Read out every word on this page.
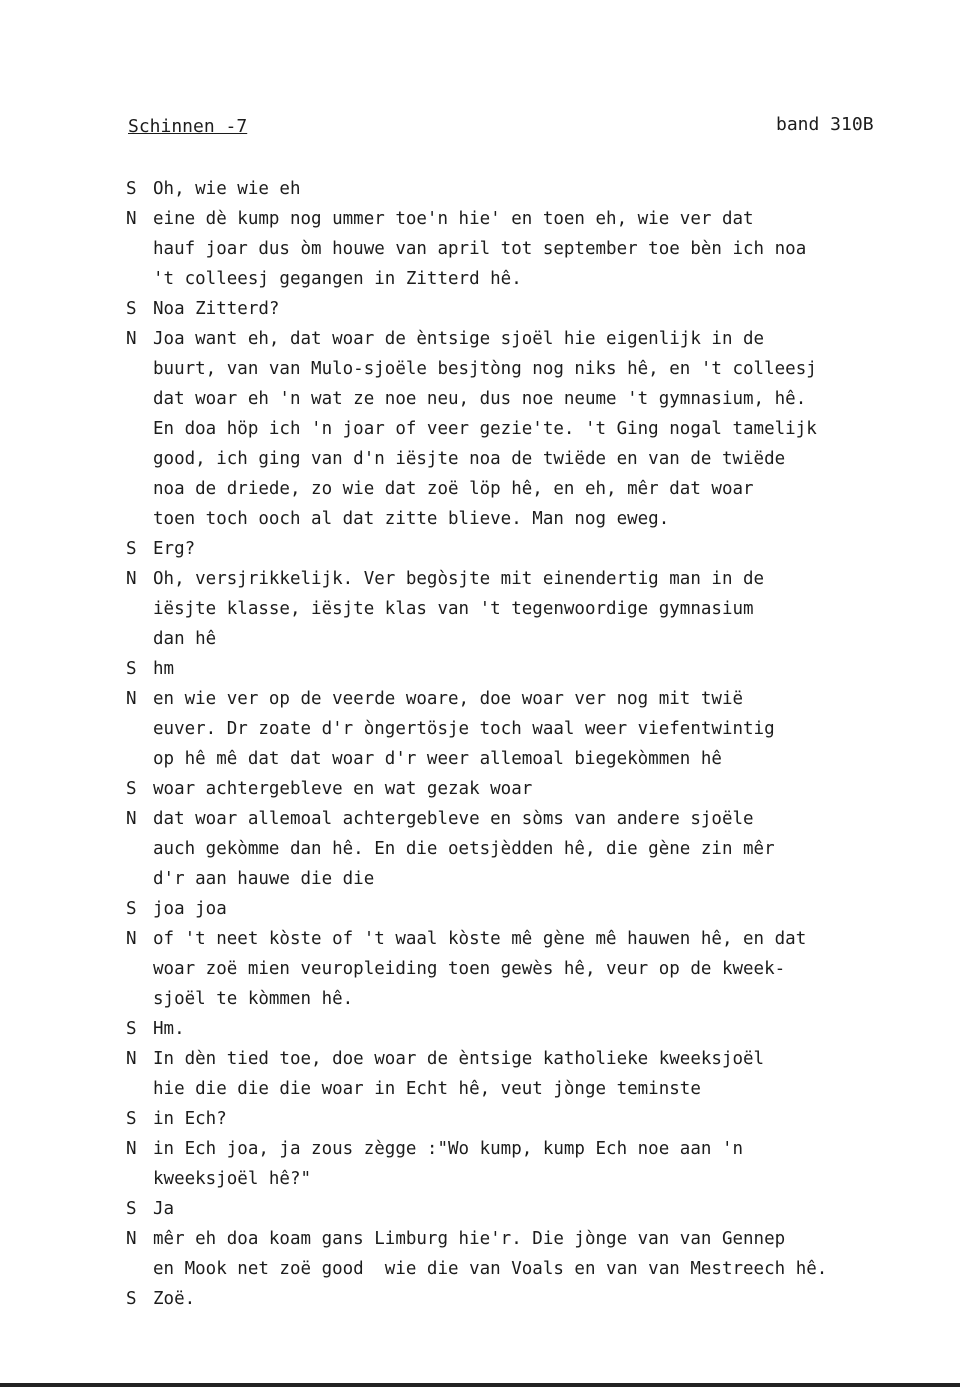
Schinnen -7	band 310B
S Oh, wie wie eh
N eine dè kump nog ummer toe'n hie' en toen eh, wie ver dat
hauf joar dus òm houwe van april tot september toe bèn ich noa
't colleesj gegangen in Zitterd hê.
S Noa Zitterd?
N Joa want eh, dat woar de èntsige sjoël hie eigenlijk in de
buurt, van van Mulo-sjoële besjtòng nog niks hê, en 't colleesj
dat woar eh 'n wat ze noe neu, dus noe neume 't gymnasium, hê.
En doa höp ich 'n joar of veer gezie'te. 't Ging nogal tamelijk
good, ich ging van d'n iësjte noa de twiëde en van de twiëde
noa de driede, zo wie dat zoë löp hê, en eh, mêr dat woar
toen toch ooch al dat zitte blieve. Man nog eweg.
S Erg?
N Oh, versjrikkelijk. Ver begòsjte mit einendertig man in de
iësjte klasse, iësjte klas van 't tegenwoordige gymnasium
dan hê
S hm
N en wie ver op de veerde woare, doe woar ver nog mit twië
euver. Dr zoate d'r òngertösje toch waal weer viefentwintig
op hê mê dat dat woar d'r weer allemoal biegekòmmen hê
S woar achtergebleve en wat gezak woar
N dat woar allemoal achtergebleve en sòms van andere sjoële
auch gekòmme dan hê. En die oetsjèdden hê, die gène zin mêr
d'r aan hauwe die die
S joa joa
N of 't neet kòste of 't waal kòste mê gène mê hauwen hê, en dat
woar zoë mien veuropleiding toen gewès hê, veur op de kweek-
sjoël te kòmmen hê.
S Hm.
N In dèn tied toe, doe woar de èntsige katholieke kweeksjoël
hie die die die woar in Echt hê, veut jònge teminste
S in Ech?
N in Ech joa, ja zous zègge :"Wo kump, kump Ech noe aan 'n
kweeksjoël hê?"
S Ja
N mêr eh doa koam gans Limburg hie'r. Die jònge van van Gennep
en Mook net zoë good  wie die van Voals en van van Mestreech hê.
S Zoë.
